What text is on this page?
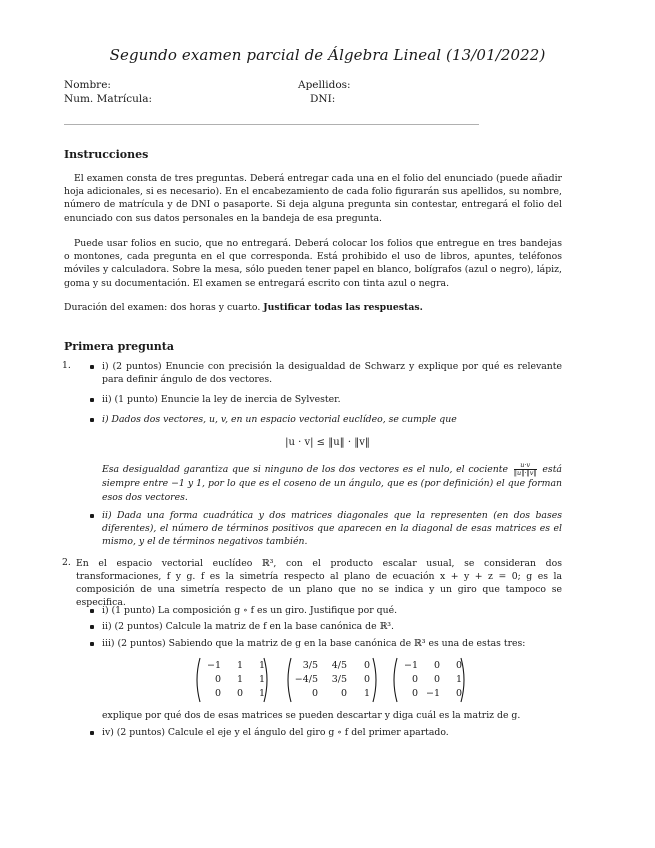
Segundo examen parcial de Álgebra Lineal (13/01/2022)
Nombre:	Apellidos:
Num. Matrícula:	DNI:
Instrucciones

El examen consta de tres preguntas. Deberá entregar cada una en el folio del enunciado (puede añadir hoja adicionales, si es necesario). En el encabezamiento de cada folio figurarán sus apellidos, su nombre, número de matrícula y de DNI o pasaporte. Si deja alguna pregunta sin contestar, entregará el folio del enunciado con sus datos personales en la bandeja de esa pregunta.

Puede usar folios en sucio, que no entregará. Deberá colocar los folios que entregue en tres bandejas o montones, cada pregunta en el que corresponda. Está prohibido el uso de libros, apuntes, teléfonos móviles y calculadora. Sobre la mesa, sólo pueden tener papel en blanco, bolígrafos (azul o negro), lápiz, goma y su documentación. El examen se entregará escrito con tinta azul o negra.

Duración del examen: dos horas y cuarto. Justificar todas las respuestas.

Primera pregunta
1.	i) (2 puntos) Enuncie con precisión la desigualdad de Schwarz y explique por qué es relevante para definir ángulo de dos vectores.

ii) (1 punto) Enuncie la ley de inercia de Sylvester.

i) Dados dos vectores, u, v, en un espacio vectorial euclídeo, se cumple que

|u · v| ≤ ‖u‖ · ‖v‖

Esa desigualdad garantiza que si ninguno de los dos vectores es el nulo, el cociente $\frac{u\cdot v}{‖u‖\cdot‖v‖}$ está siempre entre −1 y 1, por lo que es el coseno de un ángulo, que es (por definición) el que forman esos dos vectores.

ii) Dada una forma cuadrática y dos matrices diagonales que la representen (en dos bases diferentes), el número de términos positivos que aparecen en la diagonal de esas matrices es el mismo, y el de términos negativos también.

2. En el espacio vectorial euclídeo ℝ³, con el producto escalar usual, se consideran dos transformaciones, f y g. f es la simetría respecto al plano de ecuación x + y + z = 0; g es la composición de una simetría respecto de un plano que no se indica y un giro que tampoco se especifica.

i) (1 punto) La composición g ∘ f es un giro. Justifique por qué.

ii) (2 puntos) Calcule la matriz de f en la base canónica de ℝ³.

iii) (2 puntos) Sabiendo que la matriz de g en la base canónica de ℝ³ es una de estas tres:

−1	1	1
0	1	1
0	0	1
3/5	4/5	0
−4/5	3/5	0
0	0	1
−1	0	0
0	0	1
0 −1	0

explique por qué dos de esas matrices se pueden descartar y diga cuál es la matriz de g.

iv) (2 puntos) Calcule el eje y el ángulo del giro g ∘ f del primer apartado.
